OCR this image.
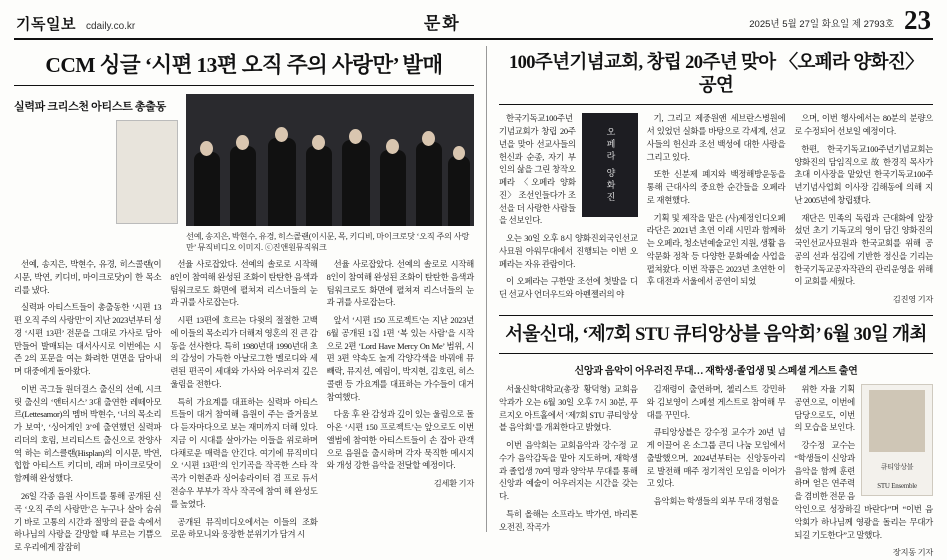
기독일보 cdaily.co.kr	문화	2025년 5월 27일 화요일 제 2793호 23
CCM 싱글 ‘시편 13편 오직 주의 사랑만’ 발매
실력파 크리스천 아티스트 총출동
선예, 송지은, 박현수, 유경, 히스콜랜(이시문, 목, 키디비, 마이크로닷 ‘오직 주의 사랑만’ 뮤직비디오 이미지. ⓒ진앤원뮤직워크

선예, 송지은, 박현수, 유경, 히스콜랜(이시문, 박연, 키디비, 마이크로닷)이 한 목소리를 냈다.

실력파 아티스트들이 총출동한 ‘시편 13편 오직 주의 사랑만’이 지난 2023년부터 성경 ‘시편 13편’ 전문을 그대로 가사로 담아 만들어 발매되는 대서사시로 이번에는 시즌 2의 포문을 여는 화려한 면면을 담아내며 대중에게 돌아왔다.

이번 곡그들 원더걸스 출신의 선예, 시크릿 출신의 ‘앤터시스’ 3대 출연한 레떼아모르(Lettesamor)의 멤버 박현수, ‘너의 목소리가 보여’, ‘싱어게인 3’에 출연했던 실력파리더의 호림, 브리티스트 출신으로 찬양사역 하는 히스클랜(Hisplan)의 이시문, 박연, 힙합 아티스트 키디비, 래퍼 마이크로닷이 함께해 완성했다.

26일 각종 음원 사이트를 통해 공개된 신곡 ‘오직 주의 사랑만’은 누구나 살아 숨쉬기 바로 고통의 시간과 절망의 끝을 속에서 하나님의 사랑을 갈망할 때 부르는 기쁨으로 우리에게 잠잠히

선율 사로잡았다. 선예의 솔로로 시작해 8인이 참여해 완성된 조화이 탄탄한 음색과 팀워크로도 화면에 펼쳐져 리스너들의 눈과 귀를 사로잡는다.

시편 13편에 흐르는 다윗의 절절한 고백에 이들의 목소리가 더해져 영혼의 진 큰 감동을 선사한다. 특히 1980년대 1990년대 초의 감성이 가득한 아날로그한 멜로디와 세련된 편곡이 세대와 가사와 어우러져 깊은 울림을 전한다.

특히 가요계를 대표하는 실력파 아티스트들이 대거 참여해 음원이 주는 즐거움보다 듣자마다으로 보는 재미까지 더해 있다. 지금 이 시대를 살아가는 이들을 위로하며 다채로운 매력을 안긴다. 여기에 뮤직비디오 ‘시편 13편’의 인기곡을 작곡한 스타 작곡가 이현준과 싱어송라이터 겸 프로 듀서 전승우 부부가 작사 작곡에 참여 해 완성도를 높였다.

공개된 뮤직비디오에서는 이들의 조화 로운 하모니와 웅장한 분위기가 담겨 시

선율 사로잡았다. 선예의 솔로로 시작해 8인이 참여해 완성된 조화이 탄탄한 음색과 팀워크로도 화면에 펼쳐져 리스너들의 눈과 귀를 사로잡는다.

앞서 ‘시편 150 프로젝트’는 지난 2023년 6월 공개된 1집 1편 ‘복 있는 사람’을 시작으로 2편 ‘Lord Have Mercy On Me’ 범위, 시편 3편 약속도 높게 각양각색을 바꿔애 뮤 빼락, 뮤지션, 예림이, 박지현, 김호린, 히스콜랜 등 가요계를 대표하는 가수들이 대거 참여했다.

다움 후 완 감성과 깊이 있는 울림으로 돌아온 ‘시편 150 프로젝트’는 앞으로도 이번 앨범에 참여한 아티스트들이 손 잡아 관객으로 음원을 출시하며 각자 묵직한 메시지와 개성 강한 음악을 전달할 예정이다.

김세환 기자
100주년기념교회, 창립 20주년 맞아 〈오페라 양화진〉 공연
오페라 양화진

한국기독교100주년기념교회가 창립 20주년을 맞아 선교사들의 헌신과 순종, 자기 부인의 삶을 그린 창작오페라 〈오페라 양화진〉 조선인들다가 조선을 더 사랑한 사람들을 선보인다.

오는 30일 오후 8시 양화진외국인선교사묘원 아워무대에서 진행되는 이번 오페라는 자유 관람이다.

이 오페라는 구한말 조선에 첫발을 디딘 선교사 언더우드와 아펜젤러의 야

기, 그리고 제중원앤 세브란스병원에서 있었던 실화를 바탕으로 각세계, 선교사들의 헌신과 조선 백성에 대한 사랑을 그리고 있다.

또한 신분제 폐지와 백정해방운동을 통해 근대사의 중요한 순간들을 오페라로 재현했다.

기획 및 제작을 맡은 (사)제정인디오페라단은 2021년 초연 이래 시민과 함께하는 오페라, 청소년예술교인 지원, 생활 음악문화 정착 등 다양한 문화예술 사업을 펼쳐왔다. 이번 작품은 2023년 초연한 이후 대전과 서울에서 공연이 되었

으며, 이번 행사에서는 80분의 분량으로 수정되어 선보일 예정이다.

한편, 한국기독교100주년기념교회는 양화진의 담임직으로 故 한경직 목사가 초대 이사장을 맡았던 한국기독교100주년기념사업회 이사장 김해동에 의해 지난 2005년에 창립됐다.

재단은 민족의 독립과 근대화에 앞장섰던 초기 기독교의 영이 담긴 양화진의 국인선교사묘원과 한국교회를 위해 공공의 선과 섬김에 기반한 정신을 기리는 한국기독교공자작관의 관리운영을 위해 이 교회를 세웠다.

김진영 기자
서울신대, ‘제7회 STU 큐티앙상블 음악회’ 6월 30일 개최
신앙과 음악이 어우러진 무대… 재학생·졸업생 및 스페셜 게스트 출연

서울신학대학교(총장 황덕형) 교회음악과가 오는 6월 30일 오후 7시 30분, 푸르지오 아트홀에서 ‘제7회 STU 큐티앙상블 음악회’를 개최한다고 밝혔다.

이번 음악회는 교회음악과 강수정 교수가 음악감독을 맡아 지도하며, 재학생과 졸업생 70여 명과 양악부 무대를 통해 신앙과 예술이 어우러지는 시간을 갖는다.

특히 올해는 소프라노 박가연, 바리톤 오전진, 작곡가

김재령이 출연하며, 첼리스트 강민하와 김보영이 스페셜 게스트로 참여해 무대를 꾸민다.

큐티앙상블은 강수정 교수가 20년 넘게 이끌어 온 소그룹 큰디 나눔 모임에서 출발했으며, 2024년부터는 신앙동아리로 발전해 매주 정기적인 모임을 이어가고 있다.

음악회는 학생들의 외부 무대 경험을

큐티앙상블
STU Ensemble

위한 자율 기획 공연으로, 이번에 담당으로도, 이번의 모습을 보인다.

강수정 교수는 “학생들이 신앙과 음악을 함께 훈련하며 얻은 연주력을 겸비한 전문 음악인으로 성장하길 바란다”며 “이번 음악회가 하나님께 영광을 돌리는 무대가 되길 기도한다”고 말했다.

장지동 기자
